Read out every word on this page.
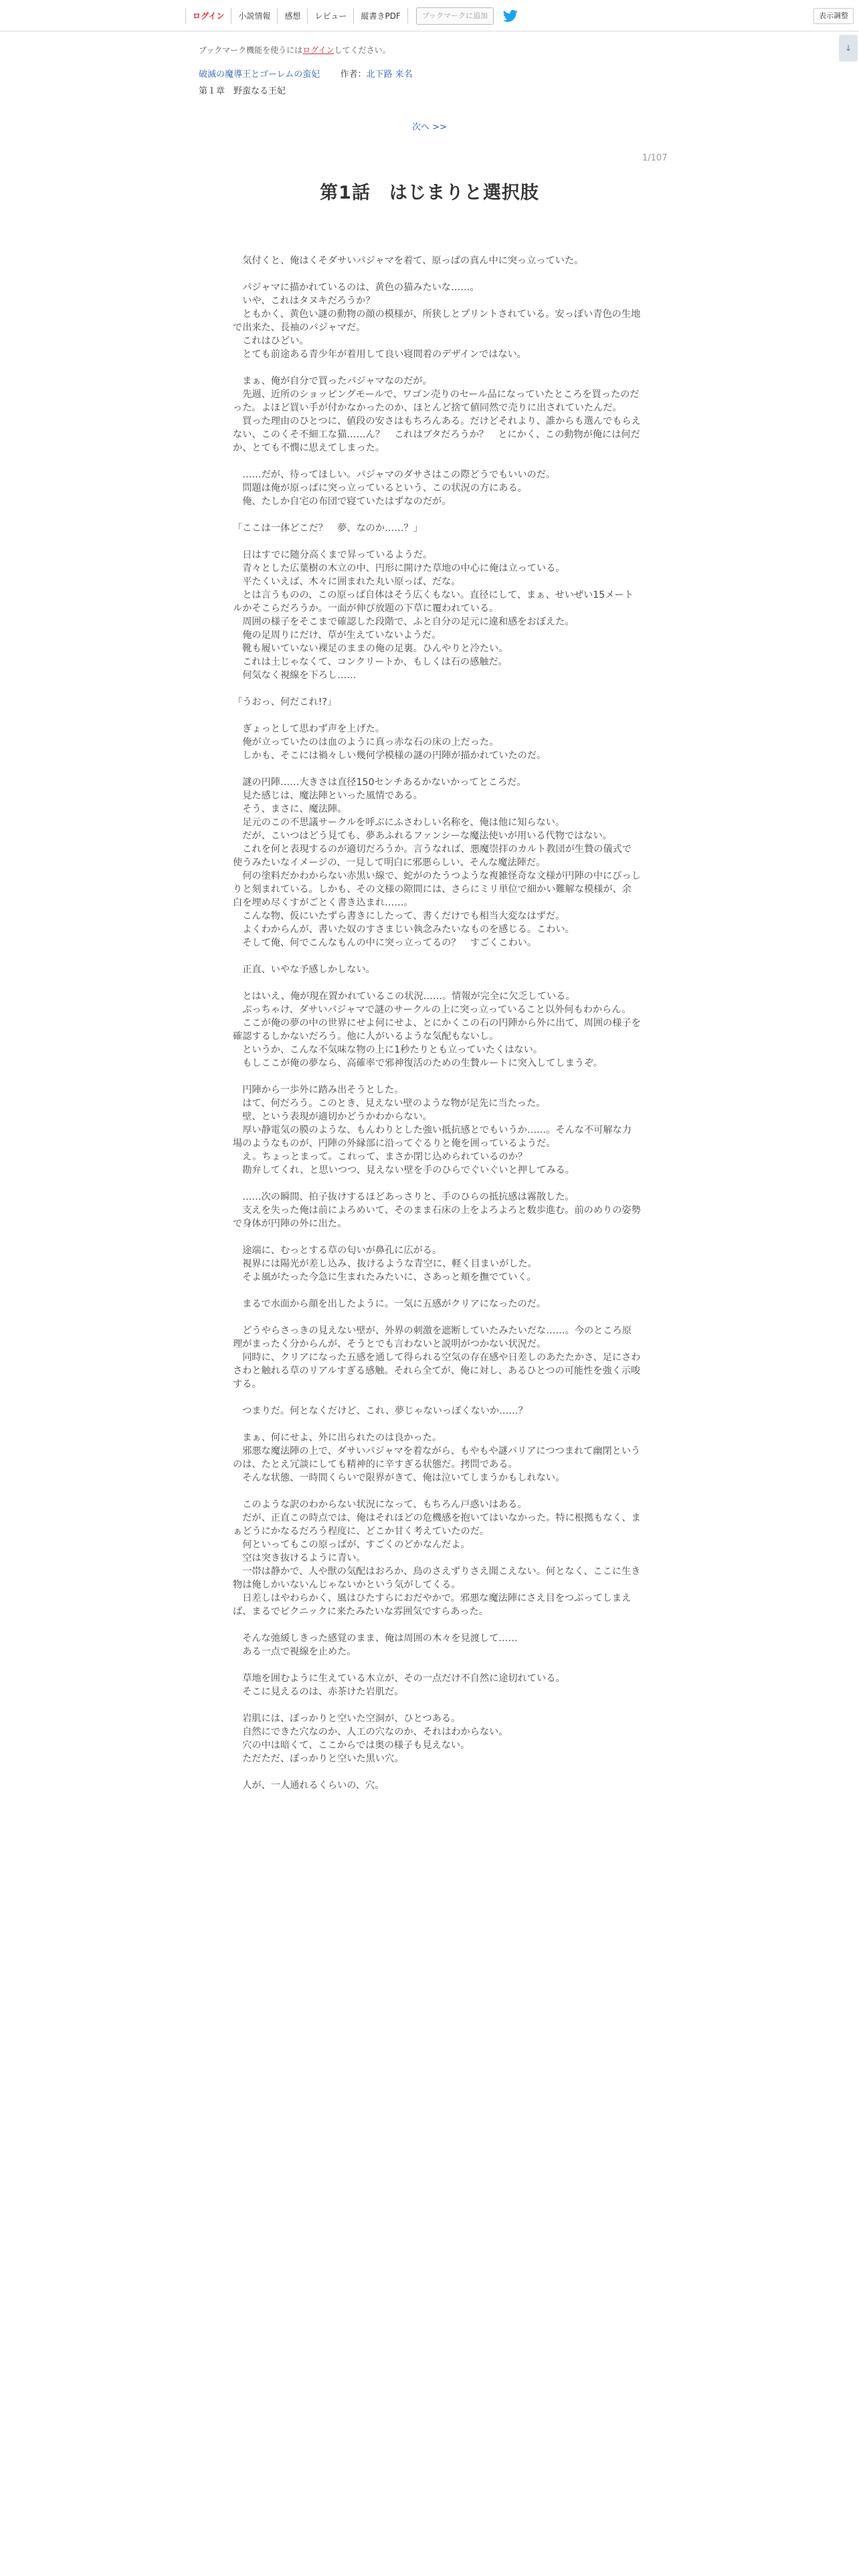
ログイン	小説情報	感想	レビュー	縦書きPDF	ブックマークに追加	表示調整
↓
ブックマーク機能を使うにはログインしてください。
破滅の魔導王とゴーレムの蛮妃 作者：北下路 来名
第１章　野蛮なる王妃
次へ >>
1/107
第1話　はじまりと選択肢

　気付くと、俺はくそダサいパジャマを着て、原っぱの真ん中に突っ立っていた。

　パジャマに描かれているのは、黄色の猫みたいな……。

　いや、これはタヌキだろうか？

　ともかく、黄色い謎の動物の顔の模様が、所狭しとプリントされている。安っぽい青色の生地で出来た、長袖のパジャマだ。

　これはひどい。

　とても前途ある青少年が着用して良い寝間着のデザインではない。

　まぁ、俺が自分で買ったパジャマなのだが。

　先週、近所のショッピングモールで、ワゴン売りのセール品になっていたところを買ったのだった。よほど買い手が付かなかったのか、ほとんど捨て値同然で売りに出されていたんだ。

　買った理由のひとつに、値段の安さはもちろんある。だけどそれより、誰からも選んでもらえない、このくそ不細工な猫……ん？　これはブタだろうか？　とにかく、この動物が俺には何だか、とても不憫に思えてしまった。

　……だが、待ってほしい。パジャマのダサさはこの際どうでもいいのだ。

　問題は俺が原っぱに突っ立っているという、この状況の方にある。

　俺、たしか自宅の布団で寝ていたはずなのだが。

「ここは一体どこだ？　夢、なのか……？」

　日はすでに随分高くまで昇っているようだ。

　青々とした広葉樹の木立の中、円形に開けた草地の中心に俺は立っている。

　平たくいえば、木々に囲まれた丸い原っぱ、だな。

　とは言うものの、この原っぱ自体はそう広くもない。直径にして、まぁ、せいぜい15メートルかそこらだろうか。一面が伸び放題の下草に覆われている。

　周囲の様子をそこまで確認した段階で、ふと自分の足元に違和感をおぼえた。

　俺の足周りにだけ、草が生えていないようだ。

　靴も履いていない裸足のままの俺の足裏。ひんやりと冷たい。

　これは土じゃなくて、コンクリートか、もしくは石の感触だ。

　何気なく視線を下ろし……

「うおっ、何だこれ!?」

　ぎょっとして思わず声を上げた。

　俺が立っていたのは血のように真っ赤な石の床の上だった。

　しかも、そこには禍々しい幾何学模様の謎の円陣が描かれていたのだ。

　謎の円陣……大きさは直径150センチあるかないかってところだ。

　見た感じは、魔法陣といった風情である。

　そう、まさに、魔法陣。

　足元のこの不思議サークルを呼ぶにふさわしい名称を、俺は他に知らない。

　だが、こいつはどう見ても、夢あふれるファンシーな魔法使いが用いる代物ではない。

　これを何と表現するのが適切だろうか。言うなれば、悪魔崇拝のカルト教団が生贄の儀式で使うみたいなイメージの、一見して明白に邪悪らしい、そんな魔法陣だ。

　何の塗料だかわからない赤黒い線で、蛇がのたうつような複雑怪奇な文様が円陣の中にびっしりと刻まれている。しかも、その文様の隙間には、さらにミリ単位で細かい難解な模様が、余白を埋め尽くすがごとく書き込まれ……。

　こんな物、仮にいたずら書きにしたって、書くだけでも相当大変なはずだ。

　よくわからんが、書いた奴のすさまじい執念みたいなものを感じる。こわい。

　そして俺、何でこんなもんの中に突っ立ってるの？　すごくこわい。

　正直、いやな予感しかしない。

　とはいえ、俺が現在置かれているこの状況……。情報が完全に欠乏している。

　ぶっちゃけ、ダサいパジャマで謎のサークルの上に突っ立っていること以外何もわからん。

　ここが俺の夢の中の世界にせよ何にせよ、とにかくこの石の円陣から外に出て、周囲の様子を確認するしかないだろう。他に人がいるような気配もないし。

　というか、こんな不気味な物の上に1秒たりとも立っていたくはない。

　もしここが俺の夢なら、高確率で邪神復活のための生贄ルートに突入してしまうぞ。

　円陣から一歩外に踏み出そうとした。

　はて、何だろう。このとき、見えない壁のような物が足先に当たった。

　壁、という表現が適切かどうかわからない。

　厚い静電気の膜のような、もんわりとした強い抵抗感とでもいうか……。そんな不可解な力場のようなものが、円陣の外縁部に沿ってぐるりと俺を囲っているようだ。

　え。ちょっとまって。これって、まさか閉じ込められているのか？

　勘弁してくれ、と思いつつ、見えない壁を手のひらでぐいぐいと押してみる。

　……次の瞬間、拍子抜けするほどあっさりと、手のひらの抵抗感は霧散した。

　支えを失った俺は前によろめいて、そのまま石床の上をよろよろと数歩進む。前のめりの姿勢で身体が円陣の外に出た。

　途端に、むっとする草の匂いが鼻孔に広がる。

　視界には陽光が差し込み、抜けるような青空に、軽く目まいがした。

　そよ風がたった今急に生まれたみたいに、さあっと頬を撫でていく。

　まるで水面から顔を出したように。一気に五感がクリアになったのだ。

　どうやらさっきの見えない壁が、外界の刺激を遮断していたみたいだな……。今のところ原理がまったく分からんが、そうとでも言わないと説明がつかない状況だ。

　同時に、クリアになった五感を通して得られる空気の存在感や日差しのあたたかさ、足にさわさわと触れる草のリアルすぎる感触。それら全てが、俺に対し、あるひとつの可能性を強く示唆する。

　つまりだ。何となくだけど、これ、夢じゃないっぽくないか……？

　まぁ、何にせよ、外に出られたのは良かった。

　邪悪な魔法陣の上で、ダサいパジャマを着ながら、もやもや謎バリアにつつまれて幽閉というのは、たとえ冗談にしても精神的に辛すぎる状態だ。拷問である。

　そんな状態、一時間くらいで限界がきて、俺は泣いてしまうかもしれない。

　このような訳のわからない状況になって、もちろん戸惑いはある。

　だが、正直この時点では、俺はそれほどの危機感を抱いてはいなかった。特に根拠もなく、まぁどうにかなるだろう程度に、どこか甘く考えていたのだ。

　何といってもこの原っぱが、すごくのどかなんだよ。

　空は突き抜けるように青い。

　一帯は静かで、人や獣の気配はおろか、鳥のさえずりさえ聞こえない。何となく、ここに生き物は俺しかいないんじゃないかという気がしてくる。

　日差しはやわらかく、風はひたすらにおだやかで。邪悪な魔法陣にさえ目をつぶってしまえば、まるでピクニックに来たみたいな雰囲気ですらあった。

　そんな弛緩しきった感覚のまま、俺は周囲の木々を見渡して……

　ある一点で視線を止めた。

　草地を囲むように生えている木立が、その一点だけ不自然に途切れている。

　そこに見えるのは、赤茶けた岩肌だ。

　岩肌には、ぽっかりと空いた空洞が、ひとつある。

　自然にできた穴なのか、人工の穴なのか、それはわからない。

　穴の中は暗くて、ここからでは奥の様子も見えない。

　ただただ、ぽっかりと空いた黒い穴。

　人が、一人通れるくらいの、穴。
